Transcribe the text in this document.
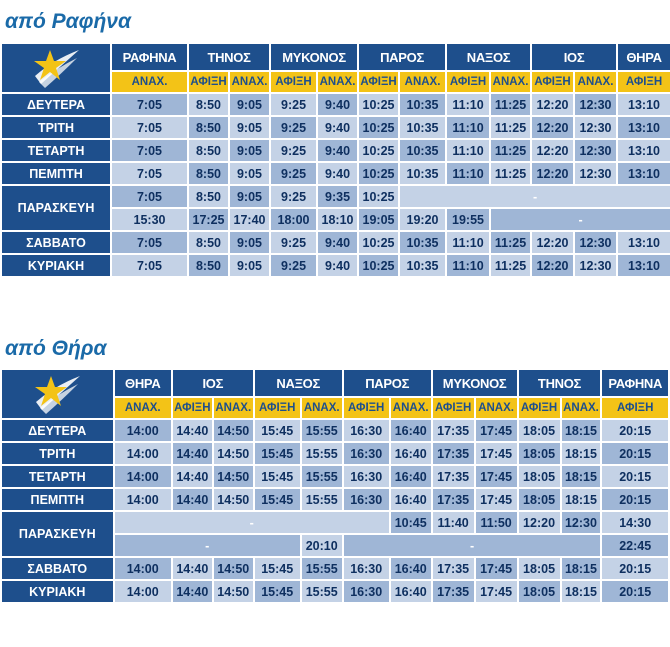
από Ραφήνα
	ΡΑΦΗΝΑ	ΤΗΝΟΣ		ΜΥΚΟΝΟΣ		ΠΑΡΟΣ		ΝΑΞΟΣ		ΙΟΣ		ΘΗΡΑ
	ΑΝΑΧ.	ΑΦΙΞΗ	ΑΝΑΧ.	ΑΦΙΞΗ	ΑΝΑΧ.	ΑΦΙΞΗ	ΑΝΑΧ.	ΑΦΙΞΗ	ΑΝΑΧ.	ΑΦΙΞΗ	ΑΝΑΧ.	ΑΦΙΞΗ
ΔΕΥΤΕΡΑ	7:05	8:50	9:05	9:25	9:40	10:25	10:35	11:10	11:25	12:20	12:30	13:10
ΤΡΙΤΗ	7:05	8:50	9:05	9:25	9:40	10:25	10:35	11:10	11:25	12:20	12:30	13:10
ΤΕΤΑΡΤΗ	7:05	8:50	9:05	9:25	9:40	10:25	10:35	11:10	11:25	12:20	12:30	13:10
ΠΕΜΠΤΗ	7:05	8:50	9:05	9:25	9:40	10:25	10:35	11:10	11:25	12:20	12:30	13:10
ΠΑΡΑΣΚΕΥΗ	7:05	8:50	9:05	9:25	9:35	10:25	-					
	15:30	17:25	17:40	18:00	18:10	19:05	19:20	19:55	-			
ΣΑΒΒΑΤΟ	7:05	8:50	9:05	9:25	9:40	10:25	10:35	11:10	11:25	12:20	12:30	13:10
ΚΥΡΙΑΚΗ	7:05	8:50	9:05	9:25	9:40	10:25	10:35	11:10	11:25	12:20	12:30	13:10
από Θήρα
	ΘΗΡΑ	ΙΟΣ		ΝΑΞΟΣ		ΠΑΡΟΣ		ΜΥΚΟΝΟΣ		ΤΗΝΟΣ		ΡΑΦΗΝΑ
	ΑΝΑΧ.	ΑΦΙΞΗ	ΑΝΑΧ.	ΑΦΙΞΗ	ΑΝΑΧ.	ΑΦΙΞΗ	ΑΝΑΧ.	ΑΦΙΞΗ	ΑΝΑΧ.	ΑΦΙΞΗ	ΑΝΑΧ.	ΑΦΙΞΗ
ΔΕΥΤΕΡΑ	14:00	14:40	14:50	15:45	15:55	16:30	16:40	17:35	17:45	18:05	18:15	20:15
ΤΡΙΤΗ	14:00	14:40	14:50	15:45	15:55	16:30	16:40	17:35	17:45	18:05	18:15	20:15
ΤΕΤΑΡΤΗ	14:00	14:40	14:50	15:45	15:55	16:30	16:40	17:35	17:45	18:05	18:15	20:15
ΠΕΜΠΤΗ	14:00	14:40	14:50	15:45	15:55	16:30	16:40	17:35	17:45	18:05	18:15	20:15
ΠΑΡΑΣΚΕΥΗ	-						10:45	11:40	11:50	12:20	12:30	14:30
	-				20:10	-						22:45
ΣΑΒΒΑΤΟ	14:00	14:40	14:50	15:45	15:55	16:30	16:40	17:35	17:45	18:05	18:15	20:15
ΚΥΡΙΑΚΗ	14:00	14:40	14:50	15:45	15:55	16:30	16:40	17:35	17:45	18:05	18:15	20:15
